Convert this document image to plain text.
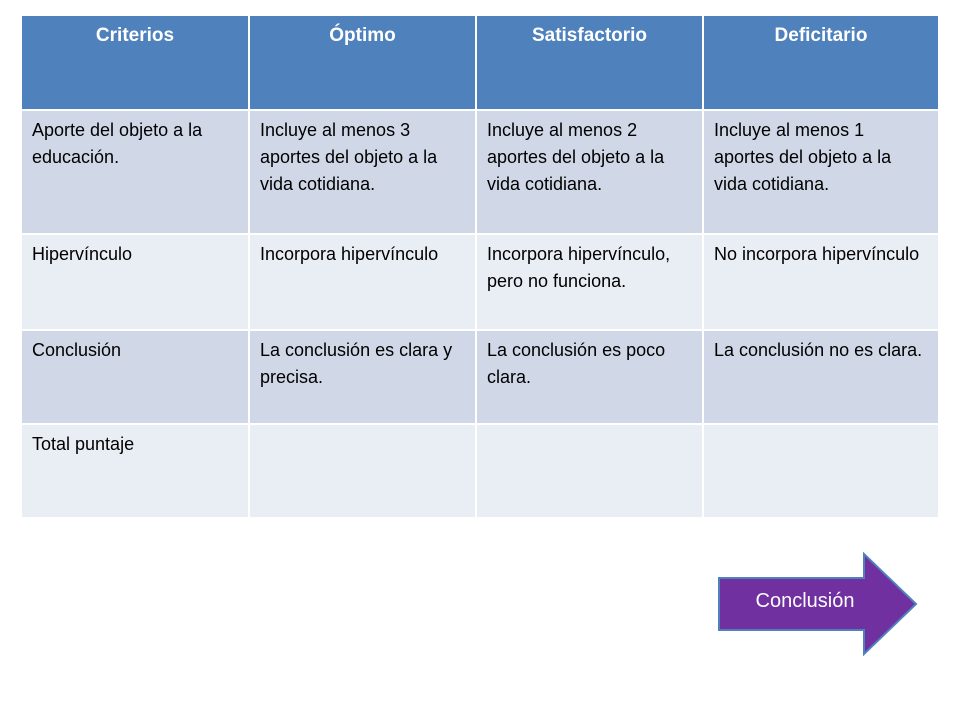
Criterios	Óptimo	Satisfactorio	Deficitario
Aporte del objeto a la educación.	Incluye al menos 3 aportes del objeto a la vida cotidiana.	Incluye al menos 2 aportes del objeto a la vida cotidiana.	Incluye al menos 1 aportes del objeto a la vida cotidiana.
Hipervínculo	Incorpora hipervínculo	Incorpora hipervínculo, pero no funciona.	No incorpora hipervínculo
Conclusión	La conclusión es clara y precisa.	La conclusión es poco clara.	La conclusión no es clara.
Total puntaje			
Conclusión
